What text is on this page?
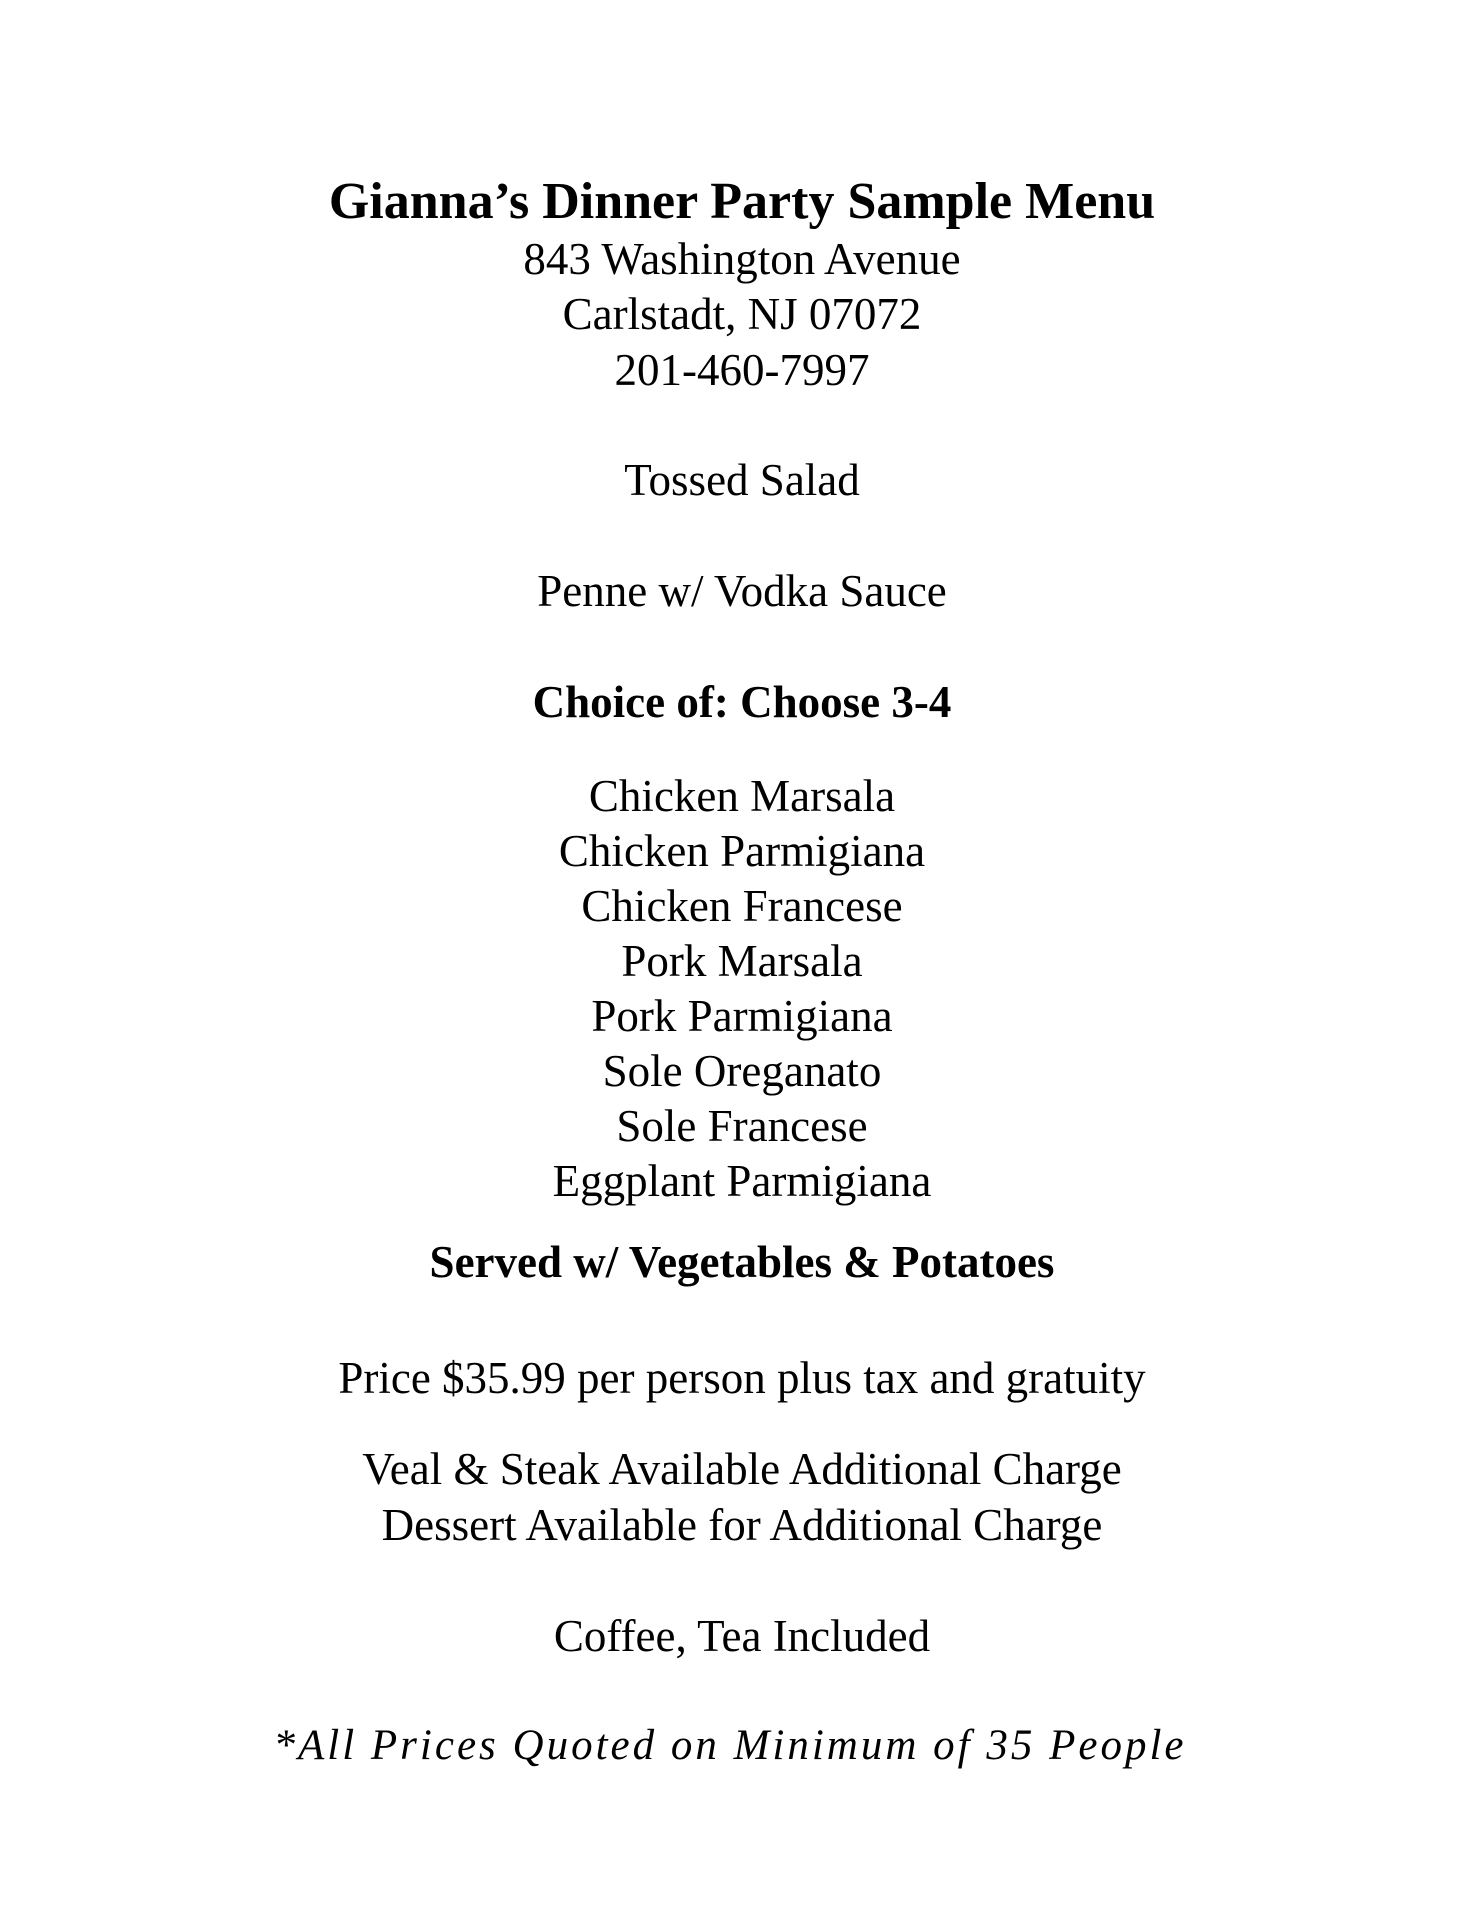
Gianna’s Dinner Party Sample Menu
843 Washington Avenue
Carlstadt, NJ 07072
201-460-7997
Tossed Salad
Penne w/ Vodka Sauce
Choice of: Choose 3-4
Chicken Marsala
Chicken Parmigiana
Chicken Francese
Pork Marsala
Pork Parmigiana
Sole Oreganato
Sole Francese
Eggplant Parmigiana
Served w/ Vegetables & Potatoes
Price $35.99 per person plus tax and gratuity
Veal & Steak Available Additional Charge
Dessert Available for Additional Charge
Coffee, Tea Included
*All Prices Quoted on Minimum of 35 People
